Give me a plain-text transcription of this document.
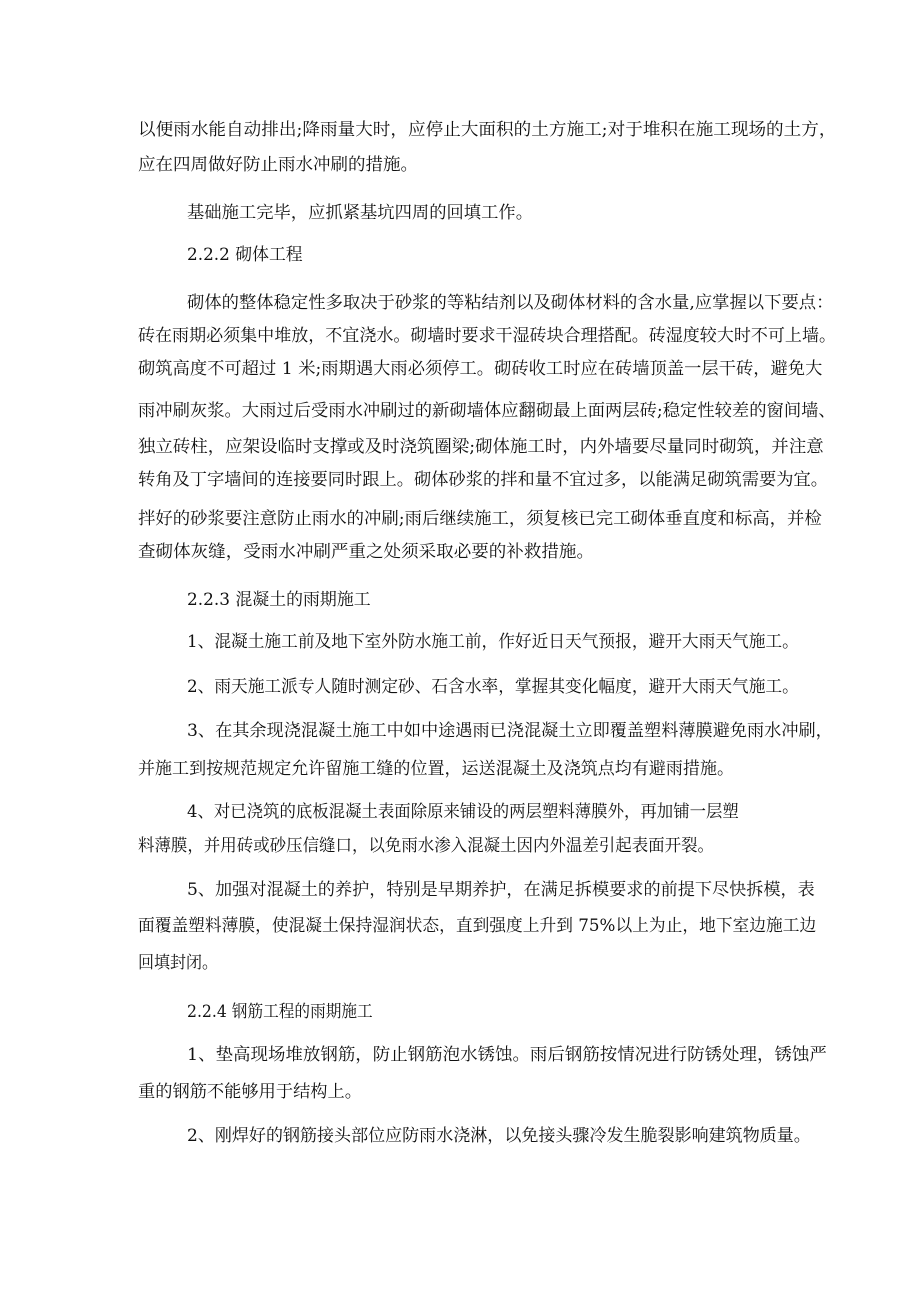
以便雨水能自动排出;降雨量大时，应停止大面积的土方施工;对于堆积在施工现场的土方，
应在四周做好防止雨水冲刷的措施。
基础施工完毕，应抓紧基坑四周的回填工作。
2.2.2 砌体工程
砌体的整体稳定性多取决于砂浆的等粘结剂以及砌体材料的含水量,应掌握以下要点：
砖在雨期必须集中堆放，不宜浇水。砌墙时要求干湿砖块合理搭配。砖湿度较大时不可上墙。
砌筑高度不可超过 1 米;雨期遇大雨必须停工。砌砖收工时应在砖墙顶盖一层干砖，避免大
雨冲刷灰浆。大雨过后受雨水冲刷过的新砌墙体应翻砌最上面两层砖;稳定性较差的窗间墙、
独立砖柱，应架设临时支撑或及时浇筑圈梁;砌体施工时，内外墙要尽量同时砌筑，并注意
转角及丁字墙间的连接要同时跟上。砌体砂浆的拌和量不宜过多，以能满足砌筑需要为宜。
拌好的砂浆要注意防止雨水的冲刷;雨后继续施工，须复核已完工砌体垂直度和标高，并检
查砌体灰缝，受雨水冲刷严重之处须采取必要的补救措施。
2.2.3 混凝土的雨期施工
1、混凝土施工前及地下室外防水施工前，作好近日天气预报，避开大雨天气施工。
2、雨天施工派专人随时测定砂、石含水率，掌握其变化幅度，避开大雨天气施工。
3、在其余现浇混凝土施工中如中途遇雨已浇混凝土立即覆盖塑料薄膜避免雨水冲刷，
并施工到按规范规定允许留施工缝的位置，运送混凝土及浇筑点均有避雨措施。
4、对已浇筑的底板混凝土表面除原来铺设的两层塑料薄膜外，再加铺一层塑
料薄膜，并用砖或砂压信缝口，以免雨水渗入混凝土因内外温差引起表面开裂。
5、加强对混凝土的养护，特别是早期养护，在满足拆模要求的前提下尽快拆模，表
面覆盖塑料薄膜，使混凝土保持湿润状态，直到强度上升到 75%以上为止，地下室边施工边
回填封闭。
2.2.4 钢筋工程的雨期施工
1、垫高现场堆放钢筋，防止钢筋泡水锈蚀。雨后钢筋按情况进行防锈处理，锈蚀严
重的钢筋不能够用于结构上。
2、刚焊好的钢筋接头部位应防雨水浇淋，以免接头骤冷发生脆裂影响建筑物质量。
